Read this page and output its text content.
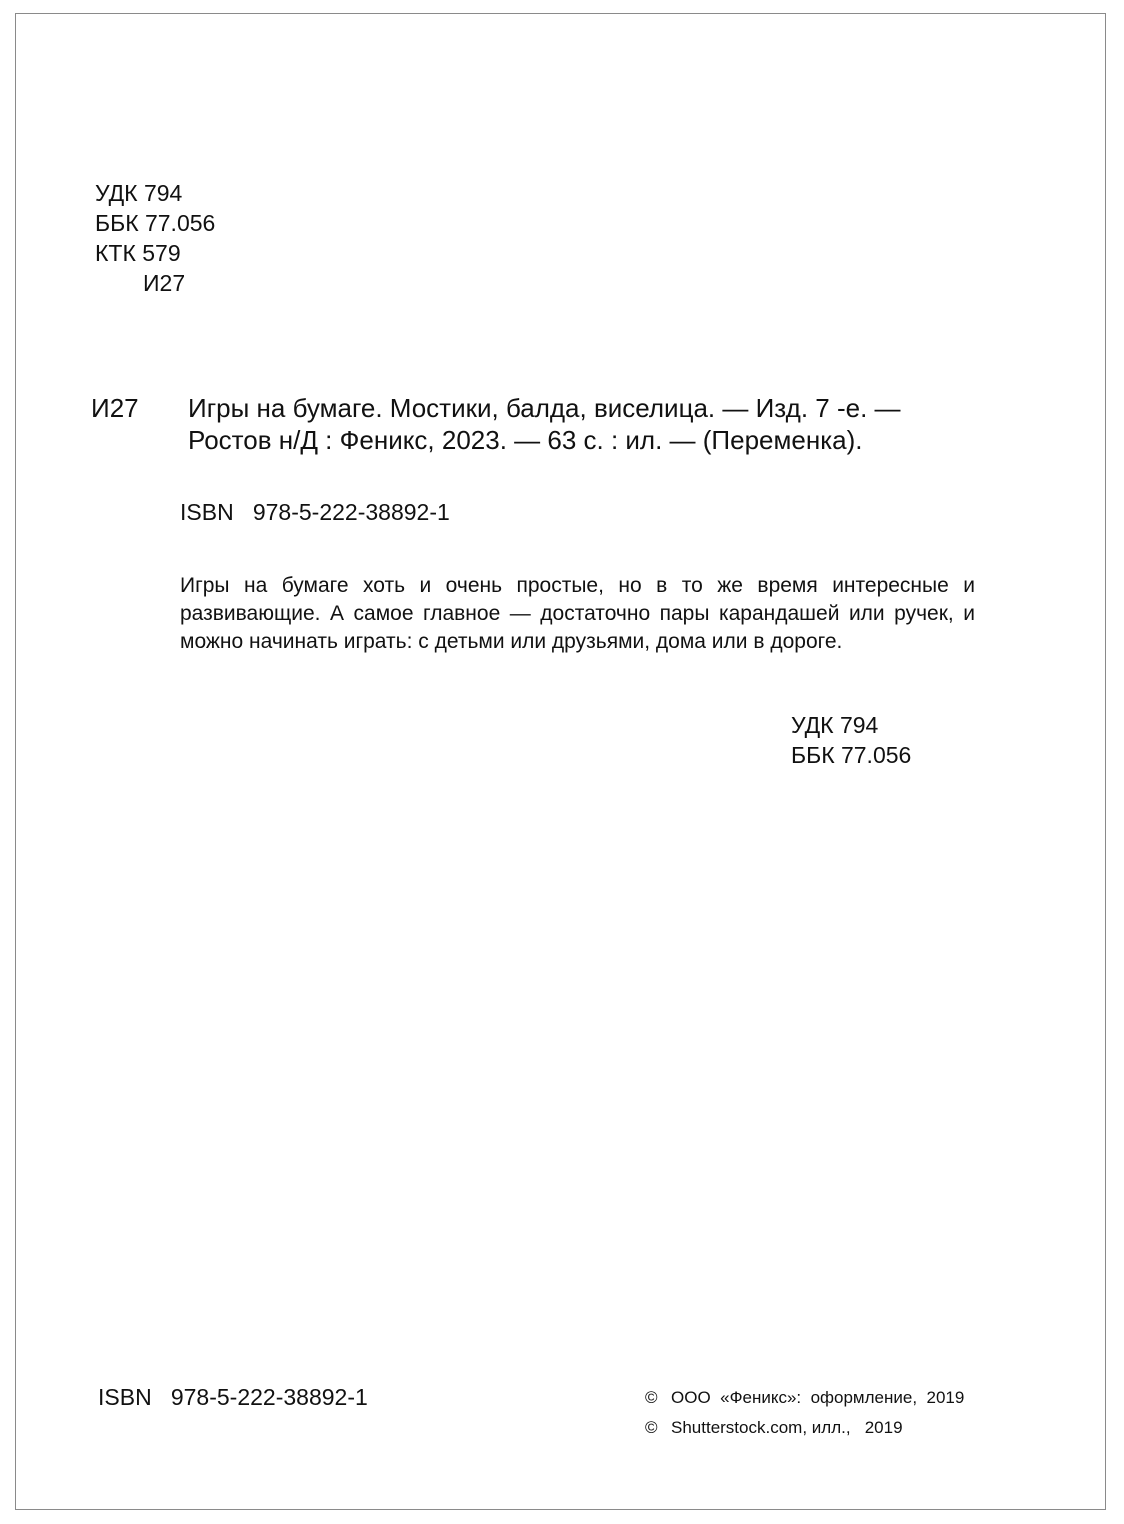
УДК 794
ББК 77.056
КТК 579
И27
И27 Игры на бумаге. Мостики, балда, виселица. — Изд. 7 -е. —
Ростов н/Д : Феникс, 2023. — 63 с. : ил. — (Переменка).
ISBN   978-5-222-38892-1
Игры на бумаге хоть и очень простые, но в то же время интересные и развивающие. А самое главное — достаточно пары карандашей или ручек, и можно начинать играть: с детьми или друзьями, дома или в дороге.
УДК 794
ББК 77.056
ISBN   978-5-222-38892-1	© ООО  «Феникс»:  оформление,  2019
© Shutterstock.com, илл.,   2019
